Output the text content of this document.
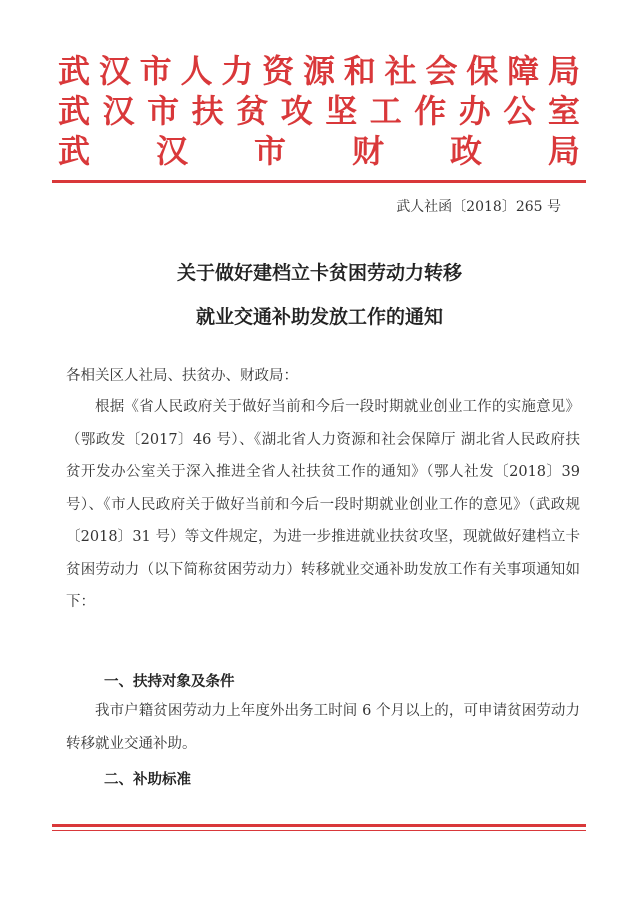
武 汉 市 人 力 资 源 和 社 会 保 障 局
武 汉 市 扶 贫 攻 坚 工 作 办 公 室
武 汉 市 财 政 局
武人社函〔2018〕265 号
关于做好建档立卡贫困劳动力转移
就业交通补助发放工作的通知
各相关区人社局、扶贫办、财政局：
根据《省人民政府关于做好当前和今后一段时期就业创业工作的实施意见》（鄂政发〔2017〕46 号）、《湖北省人力资源和社会保障厅 湖北省人民政府扶贫开发办公室关于深入推进全省人社扶贫工作的通知》（鄂人社发〔2018〕39 号）、《市人民政府关于做好当前和今后一段时期就业创业工作的意见》（武政规〔2018〕31 号）等文件规定，为进一步推进就业扶贫攻坚，现就做好建档立卡贫困劳动力（以下简称贫困劳动力）转移就业交通补助发放工作有关事项通知如下：
一、扶持对象及条件
我市户籍贫困劳动力上年度外出务工时间 6 个月以上的，可申请贫困劳动力转移就业交通补助。
二、补助标准
